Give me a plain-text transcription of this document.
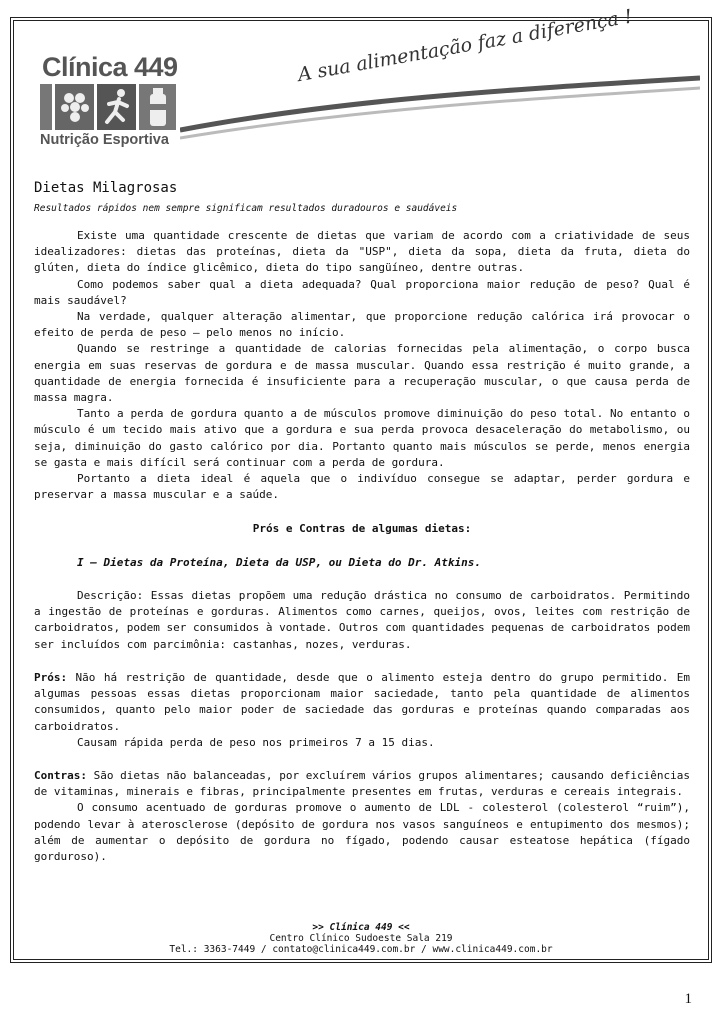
Clínica 449
Nutrição Esportiva
A sua alimentação faz a diferença !
Dietas Milagrosas
Resultados rápidos nem sempre significam resultados duradouros e saudáveis

Existe uma quantidade crescente de dietas que variam de acordo com a criatividade de seus idealizadores: dietas das proteínas, dieta da "USP", dieta da sopa, dieta da fruta, dieta do glúten, dieta do índice glicêmico, dieta do tipo sangüíneo, dentre outras.

Como podemos saber qual a dieta adequada? Qual proporciona maior redução de peso? Qual é mais saudável?

Na verdade, qualquer alteração alimentar, que proporcione redução calórica irá provocar o efeito de perda de peso – pelo menos no início.

Quando se restringe a quantidade de calorias fornecidas pela alimentação, o corpo busca energia em suas reservas de gordura e de massa muscular. Quando essa restrição é muito grande, a quantidade de energia fornecida é insuficiente para a recuperação muscular, o que causa perda de massa magra.

Tanto a perda de gordura quanto a de músculos promove diminuição do peso total. No entanto o músculo é um tecido mais ativo que a gordura e sua perda provoca desaceleração do metabolismo, ou seja, diminuição do gasto calórico por dia. Portanto quanto mais músculos se perde, menos energia se gasta e mais difícil será continuar com a perda de gordura.

Portanto a dieta ideal é aquela que o indivíduo consegue se adaptar, perder gordura e preservar a massa muscular e a saúde.

Prós e Contras de algumas dietas:

I – Dietas da Proteína, Dieta da USP, ou Dieta do Dr. Atkins.

Descrição: Essas dietas propõem uma redução drástica no consumo de carboidratos. Permitindo a ingestão de proteínas e gorduras. Alimentos como carnes, queijos, ovos, leites com restrição de carboidratos, podem ser consumidos à vontade. Outros com quantidades pequenas de carboidratos podem ser incluídos com parcimônia: castanhas, nozes, verduras.

Prós: Não há restrição de quantidade, desde que o alimento esteja dentro do grupo permitido. Em algumas pessoas essas dietas proporcionam maior saciedade, tanto pela quantidade de alimentos consumidos, quanto pelo maior poder de saciedade das gorduras e proteínas quando comparadas aos carboidratos.

Causam rápida perda de peso nos primeiros 7 a 15 dias.

Contras: São dietas não balanceadas, por excluírem vários grupos alimentares; causando deficiências de vitaminas, minerais e fibras, principalmente presentes em frutas, verduras e cereais integrais.

O consumo acentuado de gorduras promove o aumento de LDL - colesterol (colesterol “ruim”), podendo levar à aterosclerose (depósito de gordura nos vasos sanguíneos e entupimento dos mesmos); além de aumentar o depósito de gordura no fígado, podendo causar esteatose hepática (fígado gorduroso).

>> Clínica 449 <<
Centro Clínico Sudoeste Sala 219
Tel.: 3363-7449 / contato@clinica449.com.br / www.clinica449.com.br
1
